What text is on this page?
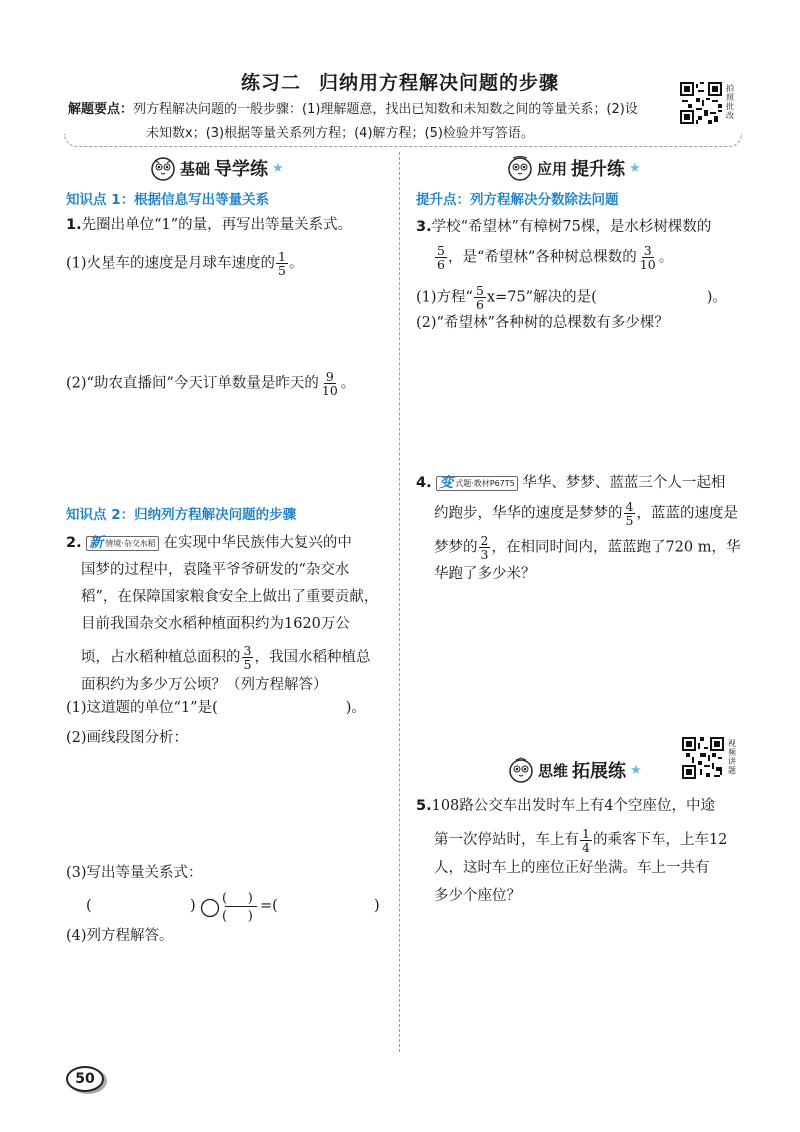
练习二 归纳用方程解决问题的步骤	拍照批改
解题要点：列方程解决问题的一般步骤：(1)理解题意，找出已知数和未知数之间的等量关系；(2)设
未知数x；(3)根据等量关系列方程；(4)解方程；(5)检验并写答语。
基础 导学练 ★
知识点 1：根据信息写出等量关系
1.先圈出单位“1”的量，再写出等量关系式。
(1)火星车的速度是月球车速度的 $\frac{1}{5}$ 。
(2)“助农直播间”今天订单数量是昨天的 $\frac{9}{10}$ 。
知识点 2：归纳列方程解决问题的步骤
2. 新 情境·杂交水稻 在实现中华民族伟大复兴的中
国梦的过程中，袁隆平爷爷研发的“杂交水
稻”，在保障国家粮食安全上做出了重要贡献，
目前我国杂交水稻种植面积约为1620万公
顷，占水稻种植总面积的 $\frac{3}{5}$ ，我国水稻种植总
面积约为多少万公顷？（列方程解答）
(1)这道题的单位“1”是(	)。
(2)画线段图分析：
(3)写出等量关系式：
(	) (     )
(     )
=(	)
(4)列方程解答。
应用 提升练 ★
提升点：列方程解决分数除法问题
3.学校“希望林”有樟树75棵，是水杉树棵数的
$\frac{5}{6}$ ，是“希望林”各种树总棵数的 $\frac{3}{10}$ 。
(1)方程“ $\frac{5}{6} x=75$”解决的是(	)。
(2)“希望林”各种树的总棵数有多少棵？
4. 变 式题·教材P67T5 华华、梦梦、蓝蓝三个人一起相
约跑步，华华的速度是梦梦的 $\frac{4}{5}$ ，蓝蓝的速度是
梦梦的 $\frac{2}{3}$ ，在相同时间内，蓝蓝跑了720 m，华
华跑了多少米？
思维 拓展练 ★
视频讲题
5.108路公交车出发时车上有4个空座位，中途
第一次停站时，车上有 $\frac{1}{4}$ 的乘客下车，上车12
人，这时车上的座位正好坐满。车上一共有
多少个座位？
50
